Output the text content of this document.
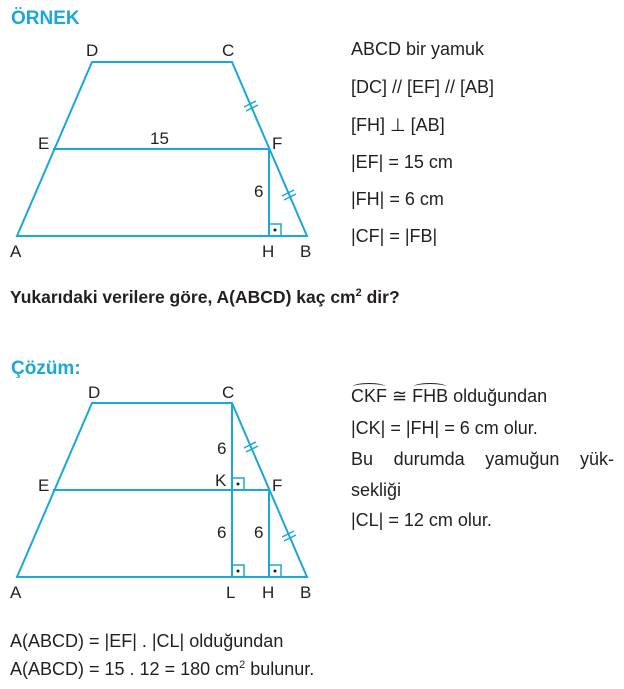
ÖRNEK
D	C
E	F
15
6
A	H B
D	C
E	F
K
6
6 6
A	L H B
ABCD bir yamuk
[DC] // [EF] // [AB]
[FH] ⊥ [AB]
|EF| = 15 cm
|FH| = 6 cm
|CF| = |FB|
Yukarıdaki verilere göre, A(ABCD) kaç $cm^2$ dir?
Çözüm:
CKF ≅ FHB olduğundan
|CK| = |FH| = 6 cm olur.
Bu durumda yamuğun yük-
sekliği
|CL| = 12 cm olur.
A(ABCD) = |EF| . |CL| olduğundan
A(ABCD) = 15 . 12 = 180 $cm^2$ bulunur.
